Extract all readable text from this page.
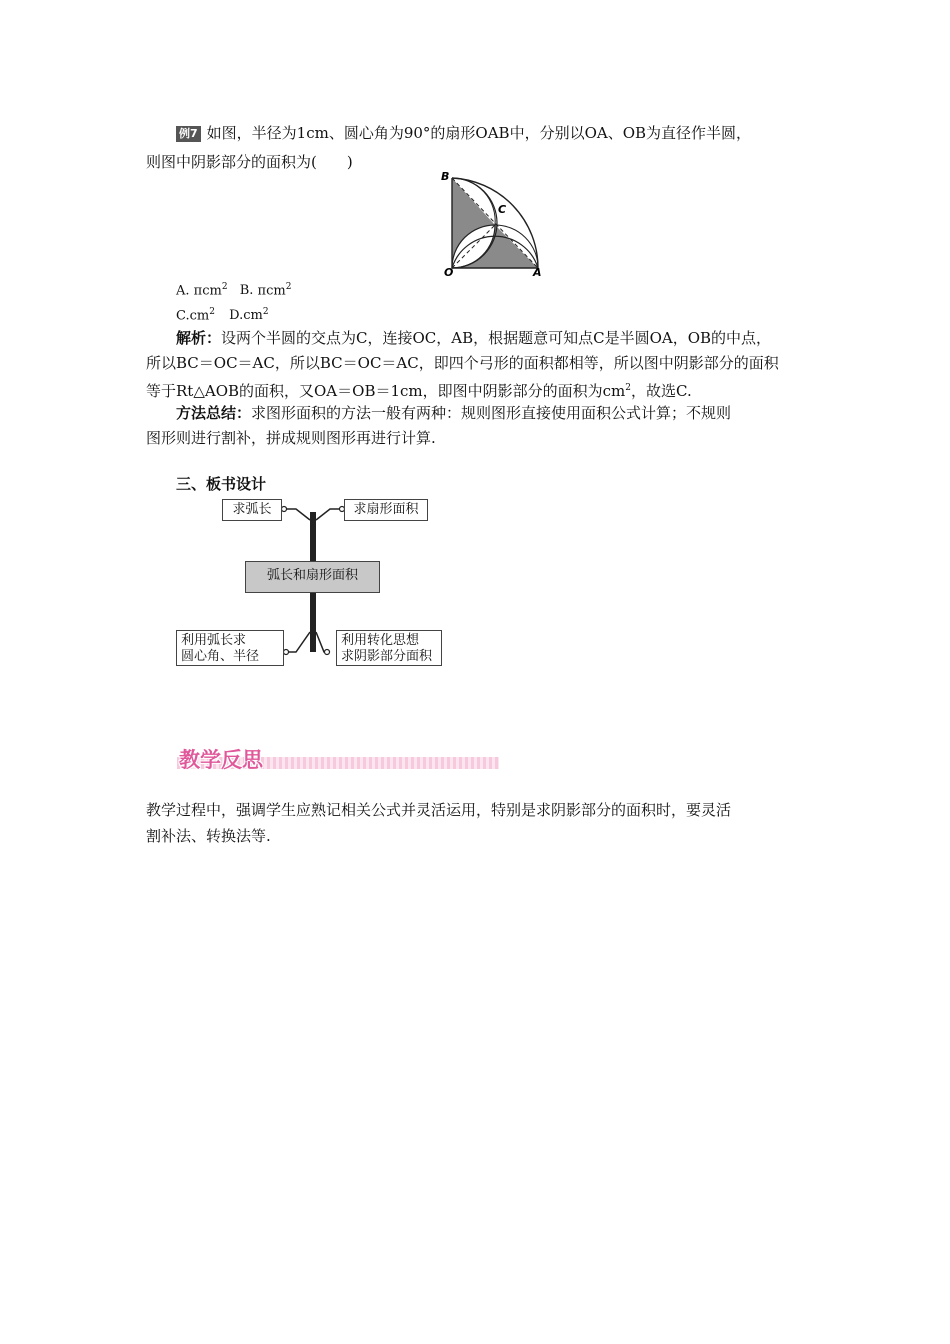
例7 如图，半径为1cm、圆心角为90°的扇形OAB中，分别以OA、OB为直径作半圆，
则图中阴影部分的面积为(　　)
B
C
O	A
A. πcm$^2$ B. πcm$^2$
$C.cm^2$ $D.cm^2$
解析：设两个半圆的交点为C，连接OC，AB，根据题意可知点C是半圆OA，OB的中点，
所以BC＝OC＝AC，所以BC＝OC＝AC，即四个弓形的面积都相等，所以图中阴影部分的面积
等于Rt△AOB的面积，又OA＝OB＝1cm，即图中阴影部分的面积为$cm^2$，故选C.
方法总结：求图形面积的方法一般有两种：规则图形直接使用面积公式计算；不规则
图形则进行割补，拼成规则图形再进行计算.
三、板书设计
求弧长	求扇形面积
弧长和扇形面积
利用弧长求
圆心角、半径
利用转化思想
求阴影部分面积
教学反思
教学过程中，强调学生应熟记相关公式并灵活运用，特别是求阴影部分的面积时，要灵活
割补法、转换法等.
